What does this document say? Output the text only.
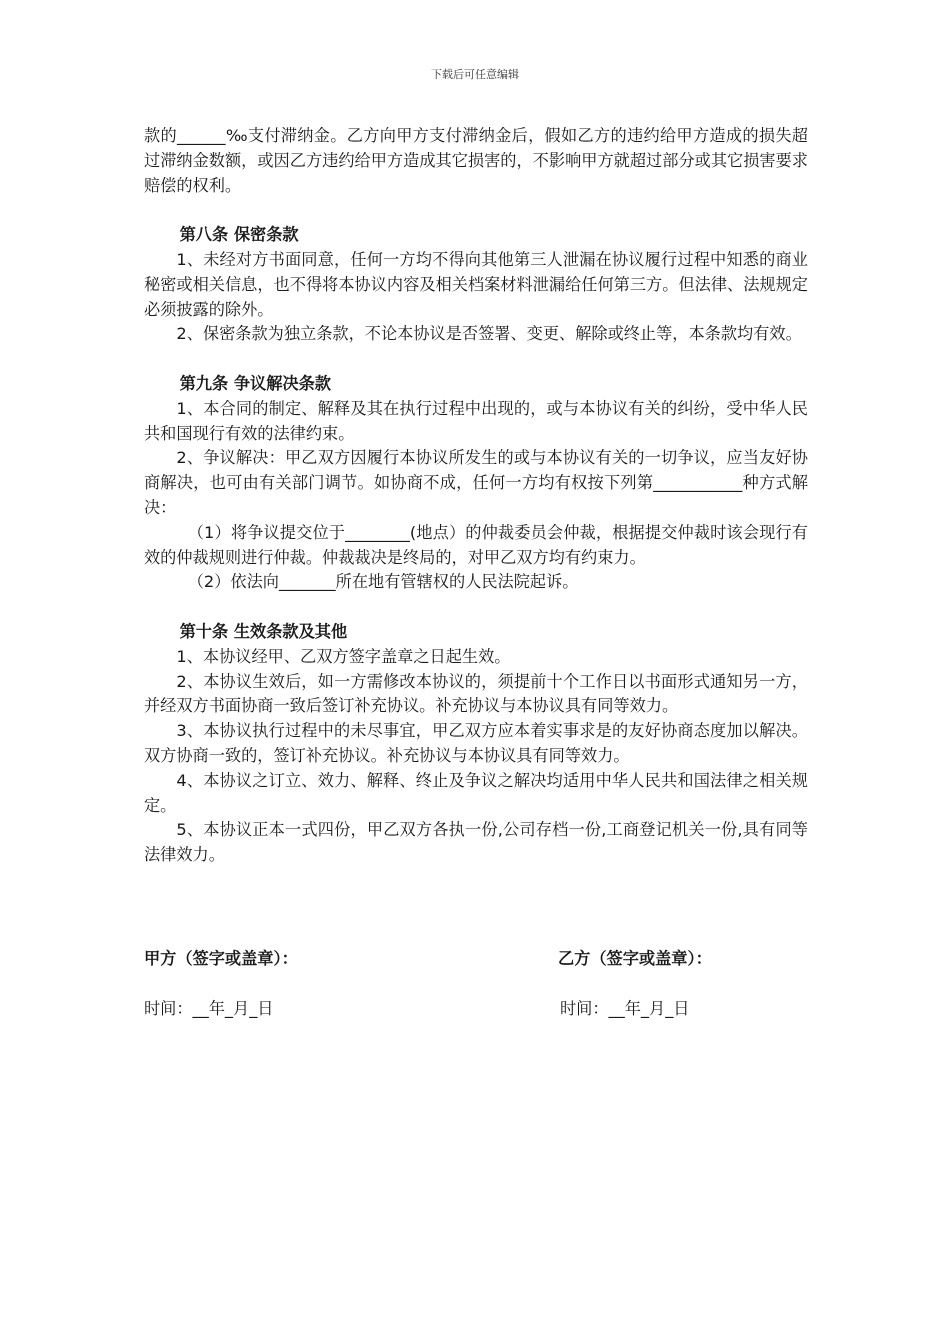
下载后可任意编辑

款的______‰支付滞纳金。乙方向甲方支付滞纳金后，假如乙方的违约给甲方造成的损失超过滞纳金数额，或因乙方违约给甲方造成其它损害的，不影响甲方就超过部分或其它损害要求赔偿的权利。

第八条 保密条款

1、未经对方书面同意，任何一方均不得向其他第三人泄漏在协议履行过程中知悉的商业秘密或相关信息，也不得将本协议内容及相关档案材料泄漏给任何第三方。但法律、法规规定必须披露的除外。

2、保密条款为独立条款，不论本协议是否签署、变更、解除或终止等，本条款均有效。

第九条 争议解决条款

1、本合同的制定、解释及其在执行过程中出现的，或与本协议有关的纠纷，受中华人民共和国现行有效的法律约束。

2、争议解决：甲乙双方因履行本协议所发生的或与本协议有关的一切争议，应当友好协商解决，也可由有关部门调节。如协商不成，任何一方均有权按下列第___________种方式解决：

（1）将争议提交位于________(地点）的仲裁委员会仲裁，根据提交仲裁时该会现行有效的仲裁规则进行仲裁。仲裁裁决是终局的，对甲乙双方均有约束力。

（2）依法向_______所在地有管辖权的人民法院起诉。

第十条 生效条款及其他

1、本协议经甲、乙双方签字盖章之日起生效。

2、本协议生效后，如一方需修改本协议的，须提前十个工作日以书面形式通知另一方，并经双方书面协商一致后签订补充协议。补充协议与本协议具有同等效力。

3、本协议执行过程中的未尽事宜，甲乙双方应本着实事求是的友好协商态度加以解决。双方协商一致的，签订补充协议。补充协议与本协议具有同等效力。

4、本协议之订立、效力、解释、终止及争议之解决均适用中华人民共和国法律之相关规定。

5、本协议正本一式四份，甲乙双方各执一份,公司存档一份,工商登记机关一份,具有同等法律效力。

甲方（签字或盖章）：	乙方（签字或盖章）：
时间：__年_月_日	时间：__年_月_日
